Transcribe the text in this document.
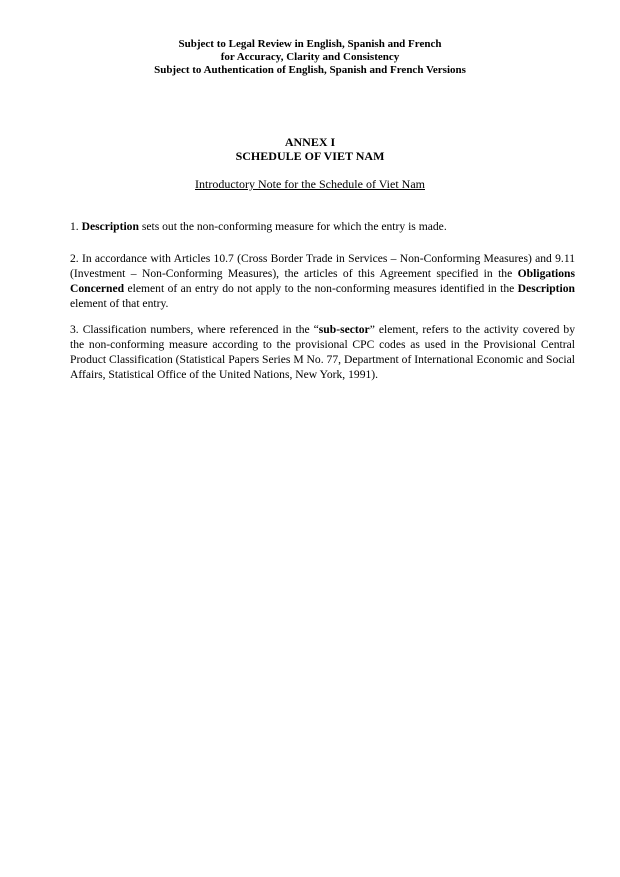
Subject to Legal Review in English, Spanish and French
for Accuracy, Clarity and Consistency
Subject to Authentication of English, Spanish and French Versions
ANNEX I
SCHEDULE OF VIET NAM
Introductory Note for the Schedule of Viet Nam

1. Description sets out the non-conforming measure for which the entry is made.

2. In accordance with Articles 10.7 (Cross Border Trade in Services – Non-Conforming Measures) and 9.11 (Investment – Non-Conforming Measures), the articles of this Agreement specified in the Obligations Concerned element of an entry do not apply to the non-conforming measures identified in the Description element of that entry.

3. Classification numbers, where referenced in the “sub-sector” element, refers to the activity covered by the non-conforming measure according to the provisional CPC codes as used in the Provisional Central Product Classification (Statistical Papers Series M No. 77, Department of International Economic and Social Affairs, Statistical Office of the United Nations, New York, 1991).
